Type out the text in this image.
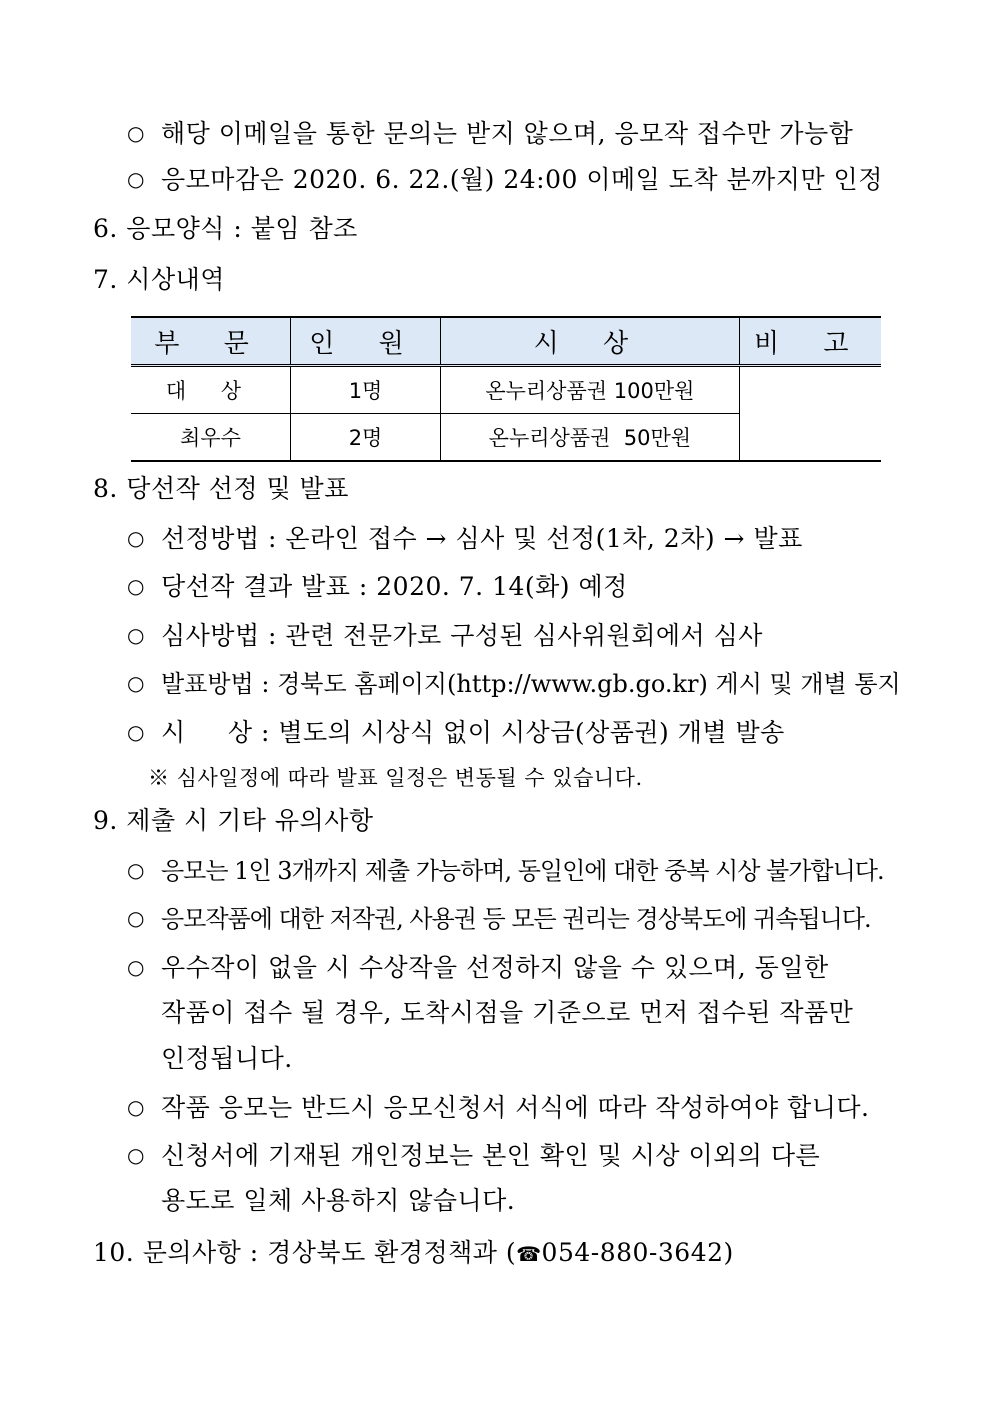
○ 해당 이메일을 통한 문의는 받지 않으며, 응모작 접수만 가능함
○ 응모마감은 2020. 6. 22.(월) 24:00 이메일 도착 분까지만 인정
6. 응모양식 : 붙임 참조
7. 시상내역
부 문	인 원	시 상	비 고
대 상	1명	온누리상품권 100만원	
최우수	2명	온누리상품권  50만원	
8. 당선작 선정 및 발표
○ 선정방법 : 온라인 접수 → 심사 및 선정(1차, 2차) → 발표
○ 당선작 결과 발표 : 2020. 7. 14(화) 예정
○ 심사방법 : 관련 전문가로 구성된 심사위원회에서 심사
○ 발표방법 : 경북도 홈페이지(http://www.gb.go.kr) 게시 및 개별 통지
○ 시     상 : 별도의 시상식 없이 시상금(상품권) 개별 발송
※ 심사일정에 따라 발표 일정은 변동될 수 있습니다.
9. 제출 시 기타 유의사항
○ 응모는 1인 3개까지 제출 가능하며, 동일인에 대한 중복 시상 불가합니다.
○ 응모작품에 대한 저작권, 사용권 등 모든 권리는 경상북도에 귀속됩니다.
○ 우수작이 없을 시 수상작을 선정하지 않을 수 있으며, 동일한
작품이 접수 될 경우, 도착시점을 기준으로 먼저 접수된 작품만
인정됩니다.
○ 작품 응모는 반드시 응모신청서 서식에 따라 작성하여야 합니다.
○ 신청서에 기재된 개인정보는 본인 확인 및 시상 이외의 다른
용도로 일체 사용하지 않습니다.
10. 문의사항 : 경상북도 환경정책과 (☎054-880-3642)
